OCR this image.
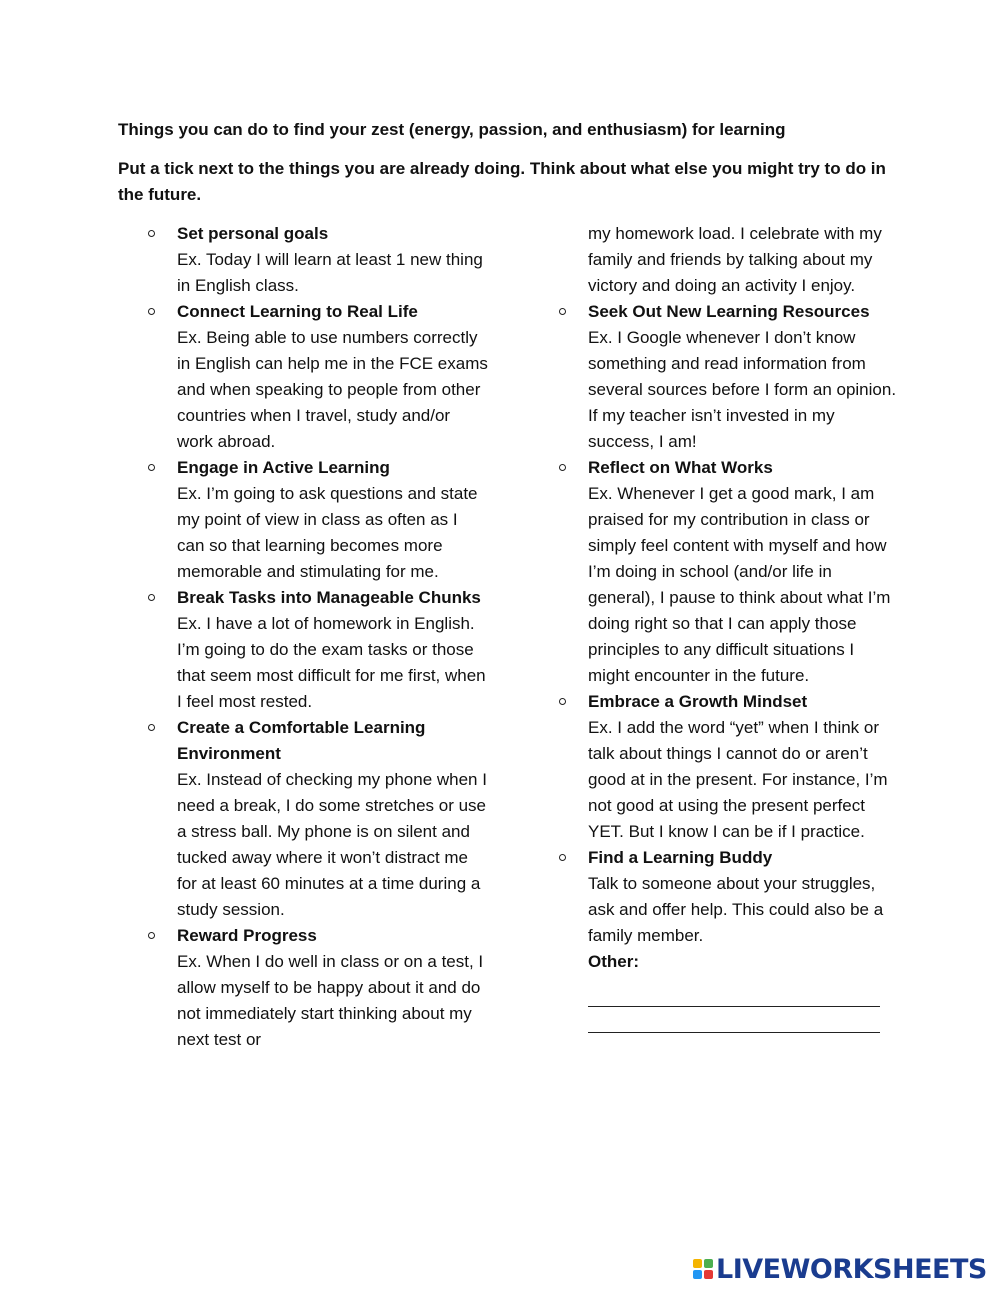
Things you can do to find your zest (energy, passion, and enthusiasm) for learning
Put a tick next to the things you are already doing. Think about what else you might try to do in the future.
Set personal goals
Ex. Today I will learn at least 1 new thing in English class.
Connect Learning to Real Life
Ex. Being able to use numbers correctly in English can help me in the FCE exams and when speaking to people from other countries when I travel, study and/or work abroad.
Engage in Active Learning
Ex. I’m going to ask questions and state my point of view in class as often as I can so that learning becomes more memorable and stimulating for me.
Break Tasks into Manageable Chunks
Ex. I have a lot of homework in English. I’m going to do the exam tasks or those that seem most difficult for me first, when I feel most rested.
Create a Comfortable Learning Environment
Ex. Instead of checking my phone when I need a break, I do some stretches or use a stress ball. My phone is on silent and tucked away where it won’t distract me for at least 60 minutes at a time during a study session.
Reward Progress
Ex. When I do well in class or on a test, I allow myself to be happy about it and do not immediately start thinking about my next test or
my homework load. I celebrate with my family and friends by talking about my victory and doing an activity I enjoy.
Seek Out New Learning Resources
Ex. I Google whenever I don’t know something and read information from several sources before I form an opinion. If my teacher isn’t invested in my success, I am!
Reflect on What Works
Ex. Whenever I get a good mark, I am praised for my contribution in class or simply feel content with myself and how I’m doing in school (and/or life in general), I pause to think about what I’m doing right so that I can apply those principles to any difficult situations I might encounter in the future.
Embrace a Growth Mindset
Ex. I add the word “yet” when I think or talk about things I cannot do or aren’t good at in the present. For instance, I’m not good at using the present perfect YET. But I know I can be if I practice.
Find a Learning Buddy
Talk to someone about your struggles, ask and offer help. This could also be a family member.
Other:
LIVEWORKSHEETS
